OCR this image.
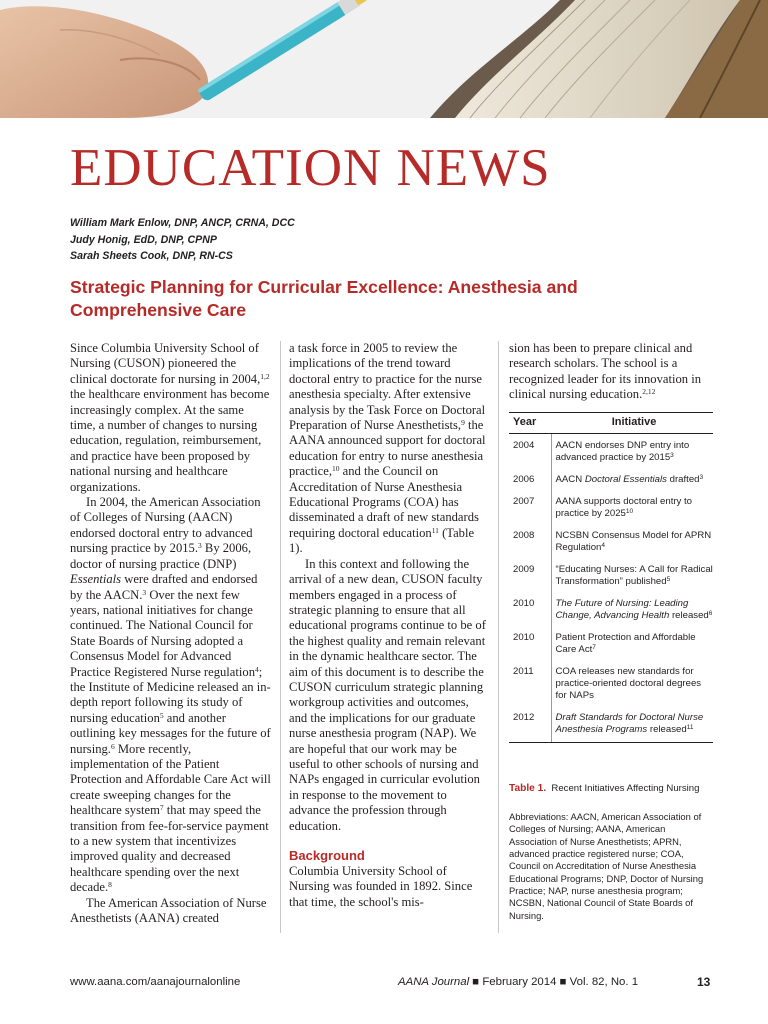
EDUCATION NEWS
William Mark Enlow, DNP, ANCP, CRNA, DCC
Judy Honig, EdD, DNP, CPNP
Sarah Sheets Cook, DNP, RN-CS
Strategic Planning for Curricular Excellence: Anesthesia and Comprehensive Care

Since Columbia University School of Nursing (CUSON) pioneered the clinical doctorate for nursing in 2004,$^{1,2}$ the healthcare environment has become increasingly complex. At the same time, a number of changes to nursing education, regulation, reimbursement, and practice have been proposed by national nursing and healthcare organizations.

In 2004, the American Association of Colleges of Nursing (AACN) endorsed doctoral entry to advanced nursing practice by 2015.$^3$ By 2006, doctor of nursing practice (DNP) Essentials were drafted and endorsed by the AACN.$^3$ Over the next few years, national initiatives for change continued. The National Council for State Boards of Nursing adopted a Consensus Model for Advanced Practice Registered Nurse regulation$^4$; the Institute of Medicine released an in-depth report following its study of nursing education$^5$ and another outlining key messages for the future of nursing.$^6$ More recently, implementation of the Patient Protection and Affordable Care Act will create sweeping changes for the healthcare system$^7$ that may speed the transition from fee-for-service payment to a new system that incentivizes improved quality and decreased healthcare spending over the next decade.$^8$

The American Association of Nurse Anesthetists (AANA) created

a task force in 2005 to review the implications of the trend toward doctoral entry to practice for the nurse anesthesia specialty. After extensive analysis by the Task Force on Doctoral Preparation of Nurse Anesthetists,$^9$ the AANA announced support for doctoral education for entry to nurse anesthesia practice,$^{10}$ and the Council on Accreditation of Nurse Anesthesia Educational Programs (COA) has disseminated a draft of new standards requiring doctoral education$^{11}$ (Table 1).

In this context and following the arrival of a new dean, CUSON faculty members engaged in a process of strategic planning to ensure that all educational programs continue to be of the highest quality and remain relevant in the dynamic healthcare sector. The aim of this document is to describe the CUSON curriculum strategic planning workgroup activities and outcomes, and the implications for our graduate nurse anesthesia program (NAP). We are hopeful that our work may be useful to other schools of nursing and NAPs engaged in curricular evolution in response to the movement to advance the profession through education.

Background

Columbia University School of Nursing was founded in 1892. Since that time, the school's mis-

sion has been to prepare clinical and research scholars. The school is a recognized leader for its innovation in clinical nursing education.$^{2,12}$

Year	Initiative
2004	AACN endorses DNP entry into advanced practice by 2015$^3$
2006	AACN Doctoral Essentials drafted$^3$
2007	AANA supports doctoral entry to practice by 2025$^{10}$
2008	NCSBN Consensus Model for APRN Regulation$^4$
2009	“Educating Nurses: A Call for Radical Transformation” published$^5$
2010	The Future of Nursing: Leading Change, Advancing Health released$^6$
2010	Patient Protection and Affordable Care Act$^7$
2011	COA releases new standards for practice-oriented doctoral degrees for NAPs
2012	Draft Standards for Doctoral Nurse Anesthesia Programs released$^{11}$
Table 1. Recent Initiatives Affecting Nursing
Abbreviations: AACN, American Association of Colleges of Nursing; AANA, American Association of Nurse Anesthetists; APRN, advanced practice registered nurse; COA, Council on Accreditation of Nurse Anesthesia Educational Programs; DNP, Doctor of Nursing Practice; NAP, nurse anesthesia program; NCSBN, National Council of State Boards of Nursing.
www.aana.com/aanajournalonline	AANA Journal ■ February 2014 ■ Vol. 82, No. 1	13
